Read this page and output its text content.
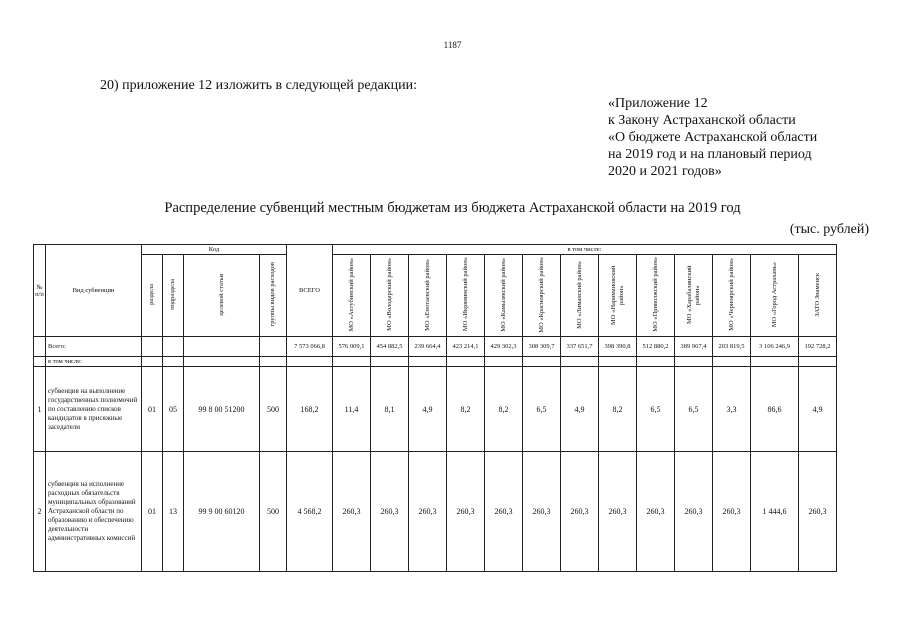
1187
20) приложение 12 изложить в следующей редакции:
«Приложение 12
к Закону Астраханской области
«О бюджете Астраханской области
на 2019 год и на плановый период
2020 и 2021 годов»
Распределение субвенций местным бюджетам из бюджета Астраханской области на 2019 год
(тыс. рублей)
№ п/п	Вид субвенции	Код				ВСЕГО	в том числе:												
		раздела	подраздела	целевой статьи	группы видов расходов		МО «Ахтубинский район»	МО «Володарский район»	МО «Енотаевский район»	МО «Икрянинский район»	МО «Камызякский район»	МО «Красноярский район»	МО «Лиманский район»	МО «Наримановский район»	МО «Приволжский район»	МО «Харабалинский район»	МО «Черноярский район»	МО «Город Астрахань»	ЗАТО Знаменск
	Всего:					7 573 066,8	576 009,1	454 882,5	239 664,4	423 214,1	429 302,3	308 309,7	337 651,7	398 390,8	512 880,2	389 967,4	203 819,5	3 106 246,9	192 728,2
	в том числе:																		
1	субвенция на выполнение государственных полномочий по составлению списков кандидатов в присяжные заседатели	01	05	99 8 00 51200	500	168,2	11,4	8,1	4,9	8,2	8,2	6,5	4,9	8,2	6,5	6,5	3,3	86,6	4,9
2	субвенция на исполнение расходных обязательств муниципальных образований Астраханской области по образованию и обеспечению деятельности административных комиссий	01	13	99 9 00 60120	500	4 568,2	260,3	260,3	260,3	260,3	260,3	260,3	260,3	260,3	260,3	260,3	260,3	1 444,6	260,3
